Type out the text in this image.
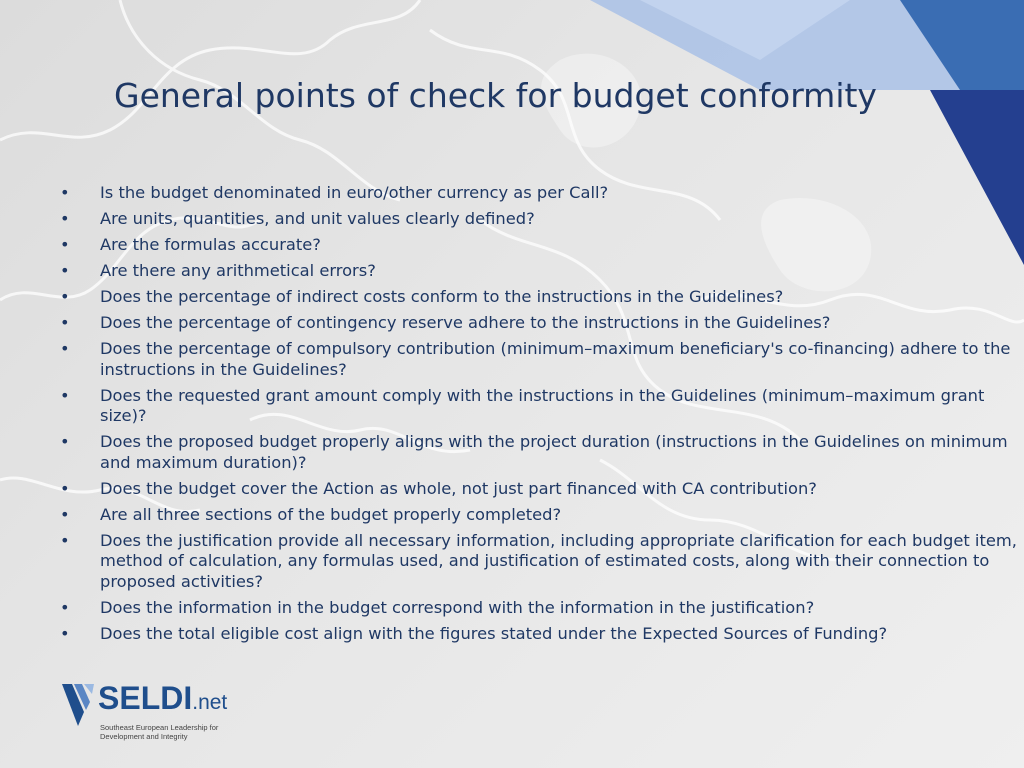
General points of check for budget conformity
• Is the budget denominated in euro/other currency as per Call?
• Are units, quantities, and unit values clearly defined?
• Are the formulas accurate?
• Are there any arithmetical errors?
• Does the percentage of indirect costs conform to the instructions in the Guidelines?
• Does the percentage of contingency reserve adhere to the instructions in the Guidelines?
• Does the percentage of compulsory contribution (minimum–maximum beneficiary's co-financing) adhere to the instructions in the Guidelines?
• Does the requested grant amount comply with the instructions in the Guidelines (minimum–maximum grant size)?
• Does the proposed budget properly aligns with the project duration (instructions in the Guidelines on minimum and maximum duration)?
• Does the budget cover the Action as whole, not just part financed with CA contribution?
• Are all three sections of the budget properly completed?
• Does the justification provide all necessary information, including appropriate clarification for each budget item, method of calculation, any formulas used, and justification of estimated costs, along with their connection to proposed activities?
• Does the information in the budget correspond with the information in the justification?
• Does the total eligible cost align with the figures stated under the Expected Sources of Funding?
SELDI.net
Southeast European Leadership for Development and Integrity
